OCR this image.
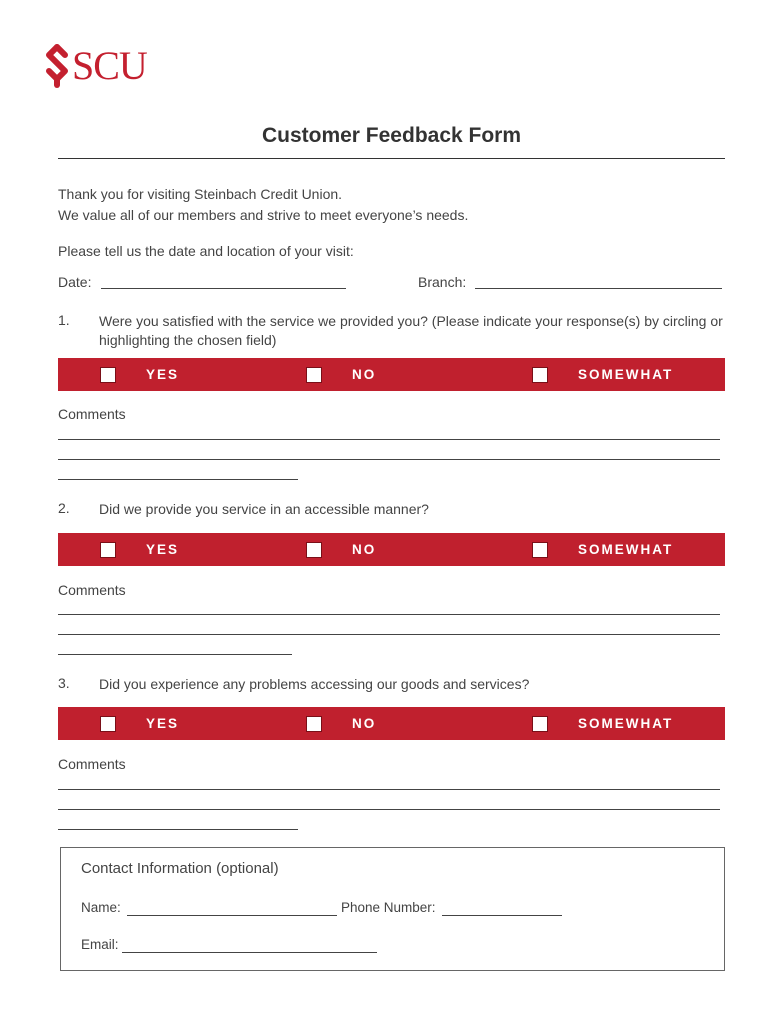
SCU
Customer Feedback Form
Thank you for visiting Steinbach Credit Union.
We value all of our members and strive to meet everyone’s needs.
Please tell us the date and location of your visit:
Date:	Branch:
1. Were you satisfied with the service we provided you? (Please indicate your response(s) by circling or highlighting the chosen field)
YES	NO	SOMEWHAT
Comments
2. Did we provide you service in an accessible manner?
YES	NO	SOMEWHAT
Comments
3. Did you experience any problems accessing our goods and services?
YES	NO	SOMEWHAT
Comments
Contact Information (optional)
Name:	Phone Number:
Email:
